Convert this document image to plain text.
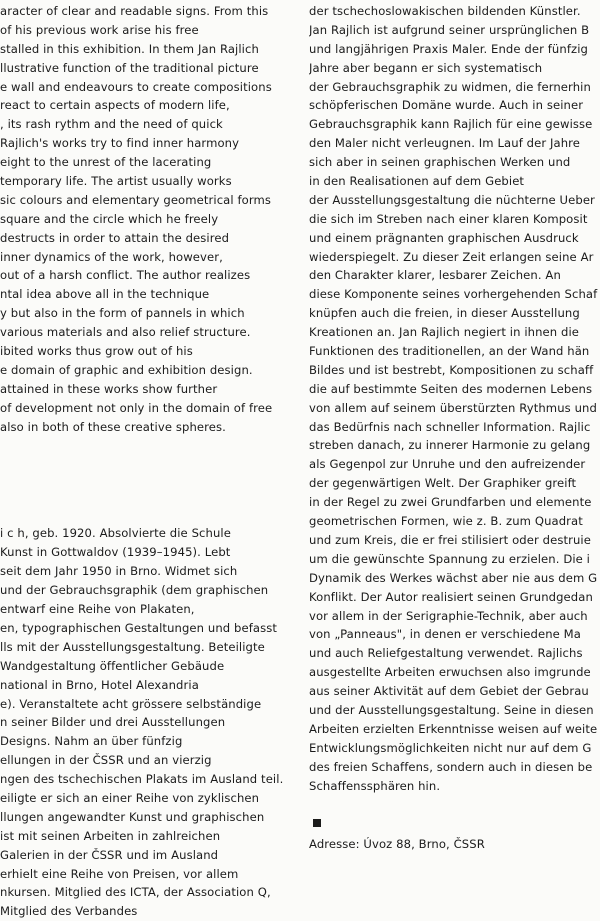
aracter of clear and readable signs. From this
of his previous work arise his free
stalled in this exhibition. In them Jan Rajlich
llustrative function of the traditional picture
e wall and endeavours to create compositions
react to certain aspects of modern life,
, its rash rythm and the need of quick
Rajlich's works try to find inner harmony
eight to the unrest of the lacerating
temporary life. The artist usually works
sic colours and elementary geometrical forms
square and the circle which he freely
destructs in order to attain the desired
inner dynamics of the work, however,
out of a harsh conflict. The author realizes
ntal idea above all in the technique
y but also in the form of pannels in which
various materials and also relief structure.
ibited works thus grow out of his
e domain of graphic and exhibition design.
attained in these works show further
of development not only in the domain of free
also in both of these creative spheres.
i c h, geb. 1920. Absolvierte die Schule
Kunst in Gottwaldov (1939–1945). Lebt
seit dem Jahr 1950 in Brno. Widmet sich
und der Gebrauchsgraphik (dem graphischen
entwarf eine Reihe von Plakaten,
en, typographischen Gestaltungen und befasst
lls mit der Ausstellungsgestaltung. Beteiligte
Wandgestaltung öffentlicher Gebäude
national in Brno, Hotel Alexandria
e). Veranstaltete acht grössere selbständige
n seiner Bilder und drei Ausstellungen
Designs. Nahm an über fünfzig
ellungen in der ČSSR und an vierzig
ngen des tschechischen Plakats im Ausland teil.
eiligte er sich an einer Reihe von zyklischen
llungen angewandter Kunst und graphischen
ist mit seinen Arbeiten in zahlreichen
Galerien in der ČSSR und im Ausland
erhielt eine Reihe von Preisen, vor allem
nkursen. Mitglied des ICTA, der Association Q,
Mitglied des Verbandes
der tschechoslowakischen bildenden Künstler.
Jan Rajlich ist aufgrund seiner ursprünglichen B
und langjährigen Praxis Maler. Ende der fünfzig
Jahre aber begann er sich systematisch
der Gebrauchsgraphik zu widmen, die fernerhin
schöpferischen Domäne wurde. Auch in seiner
Gebrauchsgraphik kann Rajlich für eine gewisse
den Maler nicht verleugnen. Im Lauf der Jahre
sich aber in seinen graphischen Werken und
in den Realisationen auf dem Gebiet
der Ausstellungsgestaltung die nüchterne Ueber
die sich im Streben nach einer klaren Komposit
und einem prägnanten graphischen Ausdruck
wiederspiegelt. Zu dieser Zeit erlangen seine Ar
den Charakter klarer, lesbarer Zeichen. An
diese Komponente seines vorhergehenden Schaf
knüpfen auch die freien, in dieser Ausstellung
Kreationen an. Jan Rajlich negiert in ihnen die
Funktionen des traditionellen, an der Wand hän
Bildes und ist bestrebt, Kompositionen zu schaff
die auf bestimmte Seiten des modernen Lebens
von allem auf seinem überstürzten Rythmus und
das Bedürfnis nach schneller Information. Rajlic
streben danach, zu innerer Harmonie zu gelang
als Gegenpol zur Unruhe und den aufreizender
der gegenwärtigen Welt. Der Graphiker greift
in der Regel zu zwei Grundfarben und elemente
geometrischen Formen, wie z. B. zum Quadrat
und zum Kreis, die er frei stilisiert oder destruie
um die gewünschte Spannung zu erzielen. Die i
Dynamik des Werkes wächst aber nie aus dem G
Konflikt. Der Autor realisiert seinen Grundgedan
vor allem in der Serigraphie-Technik, aber auch
von „Panneaus", in denen er verschiedene Ma
und auch Reliefgestaltung verwendet. Rajlichs
ausgestellte Arbeiten erwuchsen also imgrunde
aus seiner Aktivität auf dem Gebiet der Gebrau
und der Ausstellungsgestaltung. Seine in diesen
Arbeiten erzielten Erkenntnisse weisen auf weite
Entwicklungsmöglichkeiten nicht nur auf dem G
des freien Schaffens, sondern auch in diesen be
Schaffenssphären hin.
Adresse: Úvoz 88, Brno, ČSSR
